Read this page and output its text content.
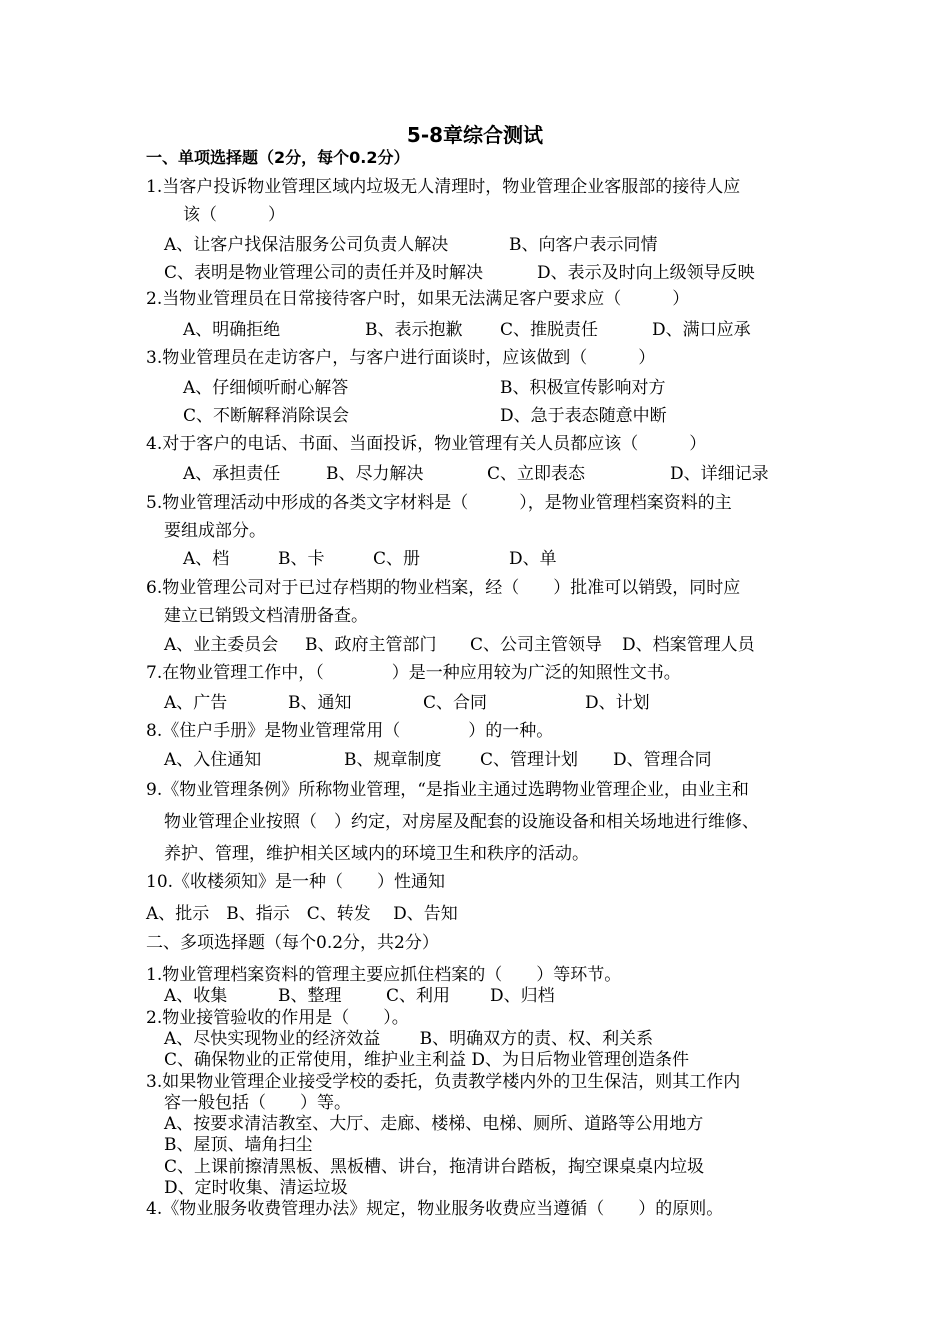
5-8章综合测试
一、单项选择题（2分，每个0.2分）
1.当客户投诉物业管理区域内垃圾无人清理时，物业管理企业客服部的接待人应
该（　　　）
A、让客户找保洁服务公司负责人解决	B、向客户表示同情
C、表明是物业管理公司的责任并及时解决	D、表示及时向上级领导反映
2.当物业管理员在日常接待客户时，如果无法满足客户要求应（　　　）
A、明确拒绝	B、表示抱歉 C、推脱责任	D、满口应承
3.物业管理员在走访客户，与客户进行面谈时，应该做到（　　　）
A、仔细倾听耐心解答	B、积极宣传影响对方
C、不断解释消除误会	D、急于表态随意中断
4.对于客户的电话、书面、当面投诉，物业管理有关人员都应该（　　　）
A、承担责任	B、尽力解决	C、立即表态	D、详细记录
5.物业管理活动中形成的各类文字材料是（　　　），是物业管理档案资料的主
要组成部分。
A、档	B、卡	C、册	D、单
6.物业管理公司对于已过存档期的物业档案，经（　　）批准可以销毁，同时应
建立已销毁文档清册备查。
A、业主委员会 B、政府主管部门 C、公司主管领导 D、档案管理人员
7.在物业管理工作中，（　　　　）是一种应用较为广泛的知照性文书。
A、广告	B、通知	C、合同	D、计划
8.《住户手册》是物业管理常用（　　　　）的一种。
A、入住通知	B、规章制度 C、管理计划 D、管理合同
9.《物业管理条例》所称物业管理，“是指业主通过选聘物业管理企业，由业主和
物业管理企业按照（　）约定，对房屋及配套的设施设备和相关场地进行维修、
养护、管理，维护相关区域内的环境卫生和秩序的活动。
10.《收楼须知》是一种（　　）性通知
A、批示　B、指示　C、转发　 D、告知
二、多项选择题（每个0.2分，共2分）
1.物业管理档案资料的管理主要应抓住档案的（　　）等环节。
A、收集	B、整理	C、利用 D、归档
2.物业接管验收的作用是（　　）。
A、尽快实现物业的经济效益　　 B、明确双方的责、权、利关系
C、确保物业的正常使用，维护业主利益 D、为日后物业管理创造条件
3.如果物业管理企业接受学校的委托，负责教学楼内外的卫生保洁，则其工作内
容一般包括（　　）等。
A、按要求清洁教室、大厅、走廊、楼梯、电梯、厕所、道路等公用地方
B、屋顶、墙角扫尘
C、上课前擦清黑板、黑板槽、讲台，拖清讲台踏板，掏空课桌桌内垃圾
D、定时收集、清运垃圾
4.《物业服务收费管理办法》规定，物业服务收费应当遵循（　　）的原则。
